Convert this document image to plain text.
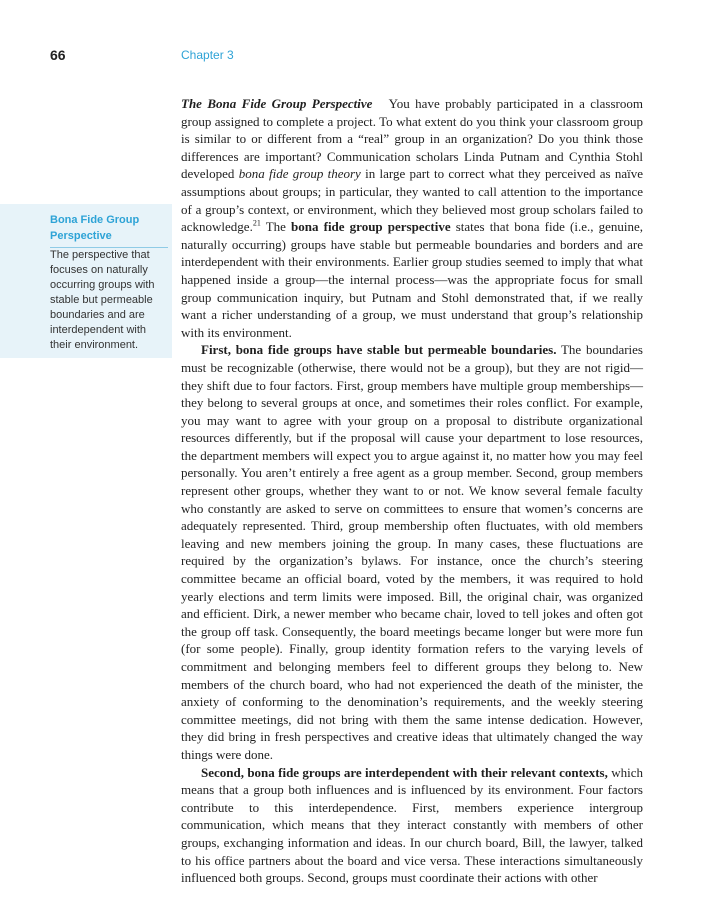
66	Chapter 3
Bona Fide Group Perspective
The perspective that focuses on naturally occurring groups with stable but permeable boundaries and are interdependent with their environment.

The Bona Fide Group Perspective You have probably participated in a classroom group assigned to complete a project. To what extent do you think your classroom group is similar to or different from a “real” group in an organization? Do you think those differences are important? Communication scholars Linda Putnam and Cynthia Stohl developed bona fide group theory in large part to correct what they perceived as naïve assumptions about groups; in particular, they wanted to call attention to the importance of a group’s context, or environment, which they believed most group scholars failed to acknowledge.$^{21}$ The bona fide group perspective states that bona fide (i.e., genuine, naturally occurring) groups have stable but permeable boundaries and borders and are interdependent with their environments. Earlier group studies seemed to imply that what happened inside a group—the internal process—was the appropriate focus for small group communication inquiry, but Putnam and Stohl demonstrated that, if we really want a richer understanding of a group, we must understand that group’s relationship with its environment.

First, bona fide groups have stable but permeable boundaries. The boundaries must be recognizable (otherwise, there would not be a group), but they are not rigid—they shift due to four factors. First, group members have multiple group memberships—they belong to several groups at once, and sometimes their roles conflict. For example, you may want to agree with your group on a proposal to distribute organizational resources differently, but if the proposal will cause your department to lose resources, the department members will expect you to argue against it, no matter how you may feel personally. You aren’t entirely a free agent as a group member. Second, group members represent other groups, whether they want to or not. We know several female faculty who constantly are asked to serve on committees to ensure that women’s concerns are adequately represented. Third, group membership often fluctuates, with old members leaving and new members joining the group. In many cases, these fluctuations are required by the organization’s bylaws. For instance, once the church’s steering committee became an official board, voted by the members, it was required to hold yearly elections and term limits were imposed. Bill, the original chair, was organized and efficient. Dirk, a newer member who became chair, loved to tell jokes and often got the group off task. Consequently, the board meetings became longer but were more fun (for some people). Finally, group identity formation refers to the varying levels of commitment and belonging members feel to different groups they belong to. New members of the church board, who had not experienced the death of the minister, the anxiety of conforming to the denomination’s requirements, and the weekly steering committee meetings, did not bring with them the same intense dedication. However, they did bring in fresh perspectives and creative ideas that ultimately changed the way things were done.

Second, bona fide groups are interdependent with their relevant contexts, which means that a group both influences and is influenced by its environment. Four factors contribute to this interdependence. First, members experience intergroup communication, which means that they interact constantly with members of other groups, exchanging information and ideas. In our church board, Bill, the lawyer, talked to his office partners about the board and vice versa. These interactions simultaneously influenced both groups. Second, groups must coordinate their actions with other
